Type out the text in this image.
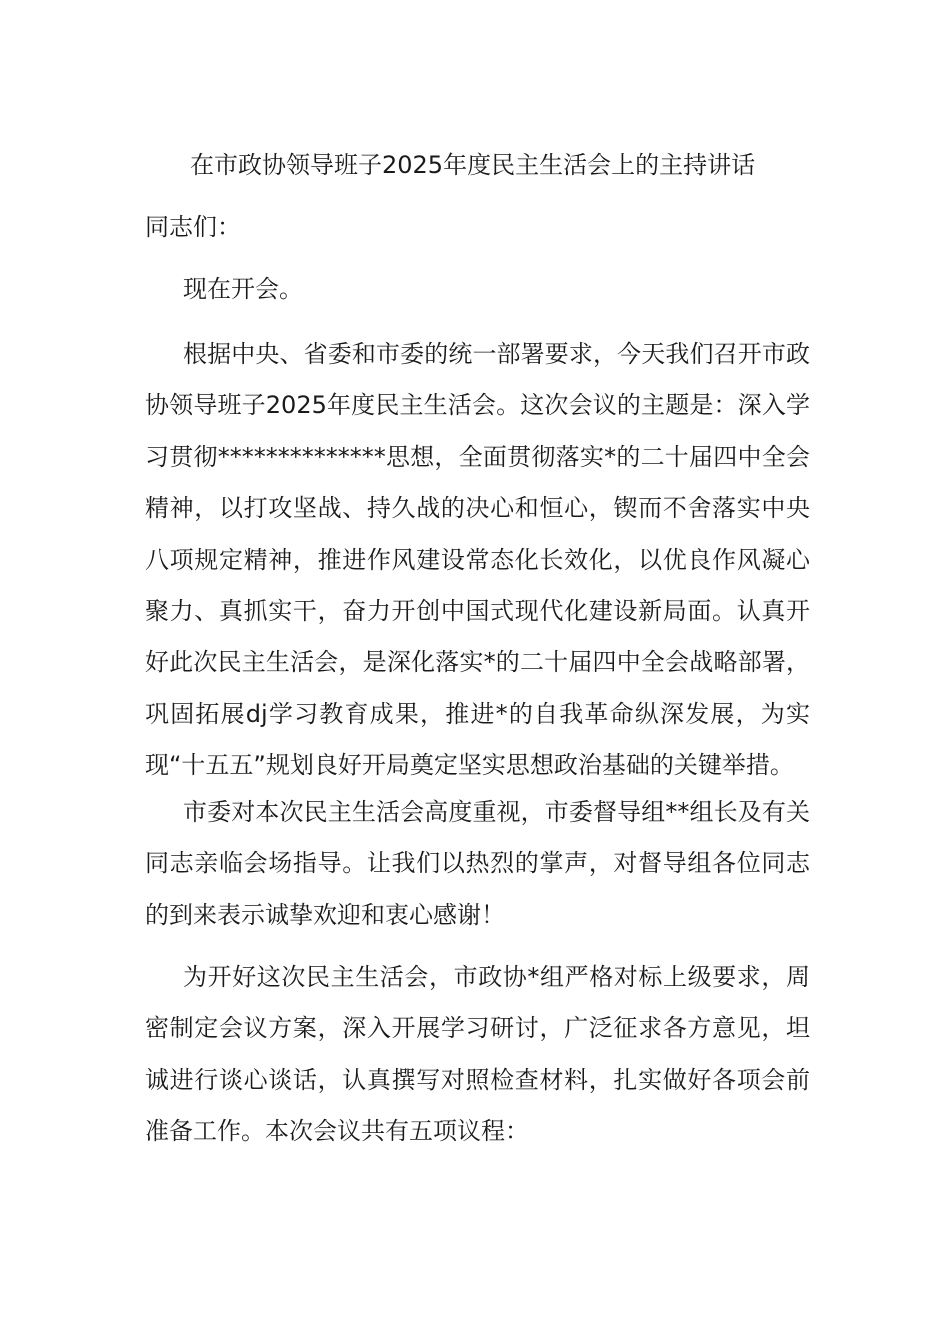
在市政协领导班子2025年度民主生活会上的主持讲话

同志们：

现在开会。

根据中央、省委和市委的统一部署要求，今天我们召开市政协领导班子2025年度民主生活会。这次会议的主题是：深入学习贯彻**************思想，全面贯彻落实*的二十届四中全会精神，以打攻坚战、持久战的决心和恒心，锲而不舍落实中央八项规定精神，推进作风建设常态化长效化，以优良作风凝心聚力、真抓实干，奋力开创中国式现代化建设新局面。认真开好此次民主生活会，是深化落实*的二十届四中全会战略部署，巩固拓展dj学习教育成果，推进*的自我革命纵深发展，为实现“十五五”规划良好开局奠定坚实思想政治基础的关键举措。

市委对本次民主生活会高度重视，市委督导组**组长及有关同志亲临会场指导。让我们以热烈的掌声，对督导组各位同志的到来表示诚挚欢迎和衷心感谢！

为开好这次民主生活会，市政协*组严格对标上级要求，周密制定会议方案，深入开展学习研讨，广泛征求各方意见，坦诚进行谈心谈话，认真撰写对照检查材料，扎实做好各项会前准备工作。本次会议共有五项议程：
